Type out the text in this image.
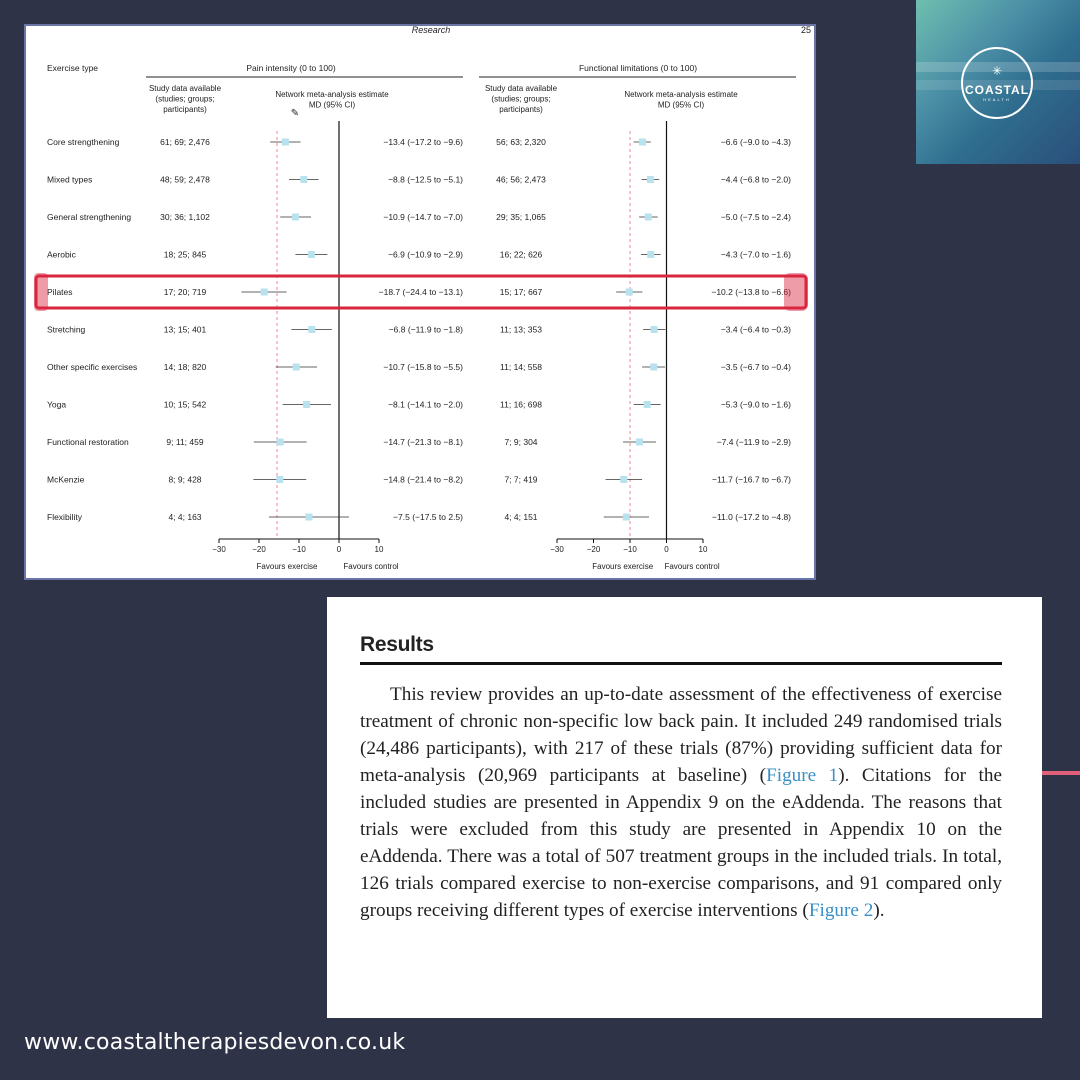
Research	25
Exercise type	Pain intensity (0 to 100)	Functional limitations (0 to 100)
Study data available	Study data available
(studies; groups;	(studies; groups;
participants)	participants)
Network meta-analysis estimate	Network meta-analysis estimate
MD (95% CI)	MD (95% CI)
✎
Core strengthening	61; 69; 2,476	−13.4 (−17.2 to −9.6)	56; 63; 2,320	−6.6 (−9.0 to −4.3)
Mixed types	48; 59; 2,478	−8.8 (−12.5 to −5.1)	46; 56; 2,473	−4.4 (−6.8 to −2.0)
General strengthening	30; 36; 1,102	−10.9 (−14.7 to −7.0)	29; 35; 1,065	−5.0 (−7.5 to −2.4)
Aerobic	18; 25; 845	−6.9 (−10.9 to −2.9)	16; 22; 626	−4.3 (−7.0 to −1.6)
Pilates	17; 20; 719	−18.7 (−24.4 to −13.1)	15; 17; 667	−10.2 (−13.8 to −6.6)
Stretching	13; 15; 401	−6.8 (−11.9 to −1.8)	11; 13; 353	−3.4 (−6.4 to −0.3)
Other specific exercises	14; 18; 820	−10.7 (−15.8 to −5.5)	11; 14; 558	−3.5 (−6.7 to −0.4)
Yoga	10; 15; 542	−8.1 (−14.1 to −2.0)	11; 16; 698	−5.3 (−9.0 to −1.6)
Functional restoration	9; 11; 459	−14.7 (−21.3 to −8.1)	7; 9; 304	−7.4 (−11.9 to −2.9)
McKenzie	8; 9; 428	−14.8 (−21.4 to −8.2)	7; 7; 419	−11.7 (−16.7 to −6.7)
Flexibility	4; 4; 163	−7.5 (−17.5 to 2.5)	4; 4; 151	−11.0 (−17.2 to −4.8)
−30	−20	−10	0	10	−30	−20	−10	0	10
Favours exercise	Favours control	Favours exercise Favours control
✳
COASTAL
HEALTH
Results

This review provides an up-to-date assessment of the effectiveness of exercise treatment of chronic non-specific low back pain. It included 249 randomised trials (24,486 participants), with 217 of these trials (87%) providing sufficient data for meta-analysis (20,969 participants at baseline) (Figure 1). Citations for the included studies are presented in Appendix 9 on the eAddenda. The reasons that trials were excluded from this study are presented in Appendix 10 on the eAddenda. There was a total of 507 treatment groups in the included trials. In total, 126 trials compared exercise to non-exercise comparisons, and 91 compared only groups receiving different types of exercise interventions (Figure 2).

www.coastaltherapiesdevon.co.uk
